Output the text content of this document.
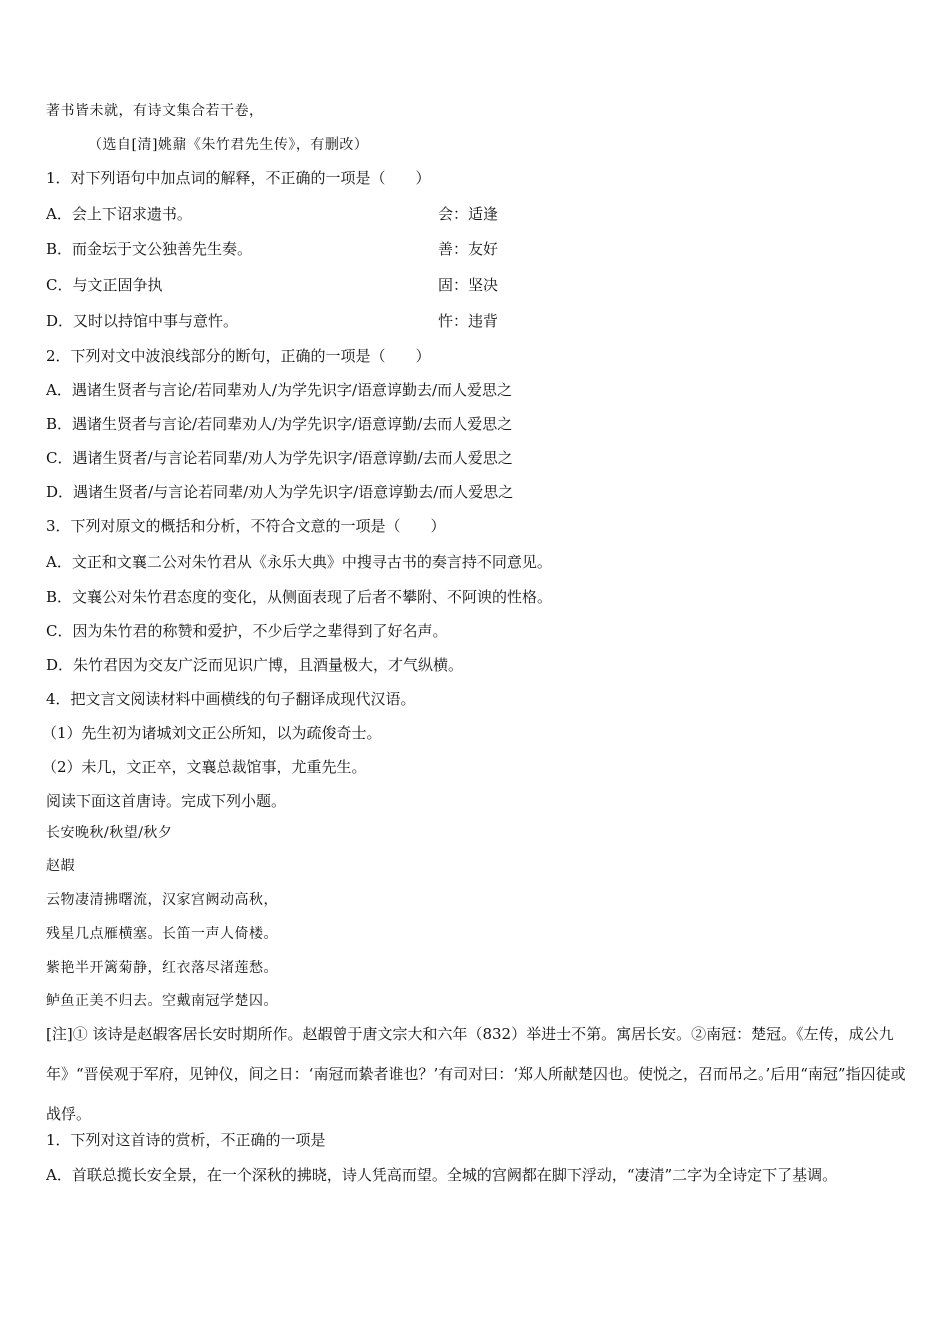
著书皆未就，有诗文集合若干卷，
（选自[清]姚鼐《朱竹君先生传》，有删改）
1．对下列语句中加点词的解释，不正确的一项是（　　）
A．会上下诏求遗书。	会：适逢
B．而金坛于文公独善先生奏。	善：友好
C．与文正固争执	固：坚决
D．又时以持馆中事与意忤。	忤：违背
2．下列对文中波浪线部分的断句，正确的一项是（　　）
A．遇诸生贤者与言论/若同辈劝人/为学先识字/语意谆勤去/而人爱思之
B．遇诸生贤者与言论/若同辈劝人/为学先识字/语意谆勤/去而人爱思之
C．遇诸生贤者/与言论若同辈/劝人为学先识字/语意谆勤/去而人爱思之
D．遇诸生贤者/与言论若同辈/劝人为学先识字/语意谆勤去/而人爱思之
3．下列对原文的概括和分析，不符合文意的一项是（　　）
A．文正和文襄二公对朱竹君从《永乐大典》中搜寻古书的奏言持不同意见。
B．文襄公对朱竹君态度的变化，从侧面表现了后者不攀附、不阿谀的性格。
C．因为朱竹君的称赞和爱护，不少后学之辈得到了好名声。
D．朱竹君因为交友广泛而见识广博，且酒量极大，才气纵横。
4．把文言文阅读材料中画横线的句子翻译成现代汉语。
（1）先生初为诸城刘文正公所知，以为疏俊奇士。
（2）未几，文正卒，文襄总裁馆事，尤重先生。
阅读下面这首唐诗。完成下列小题。
长安晚秋/秋望/秋夕
赵嘏
云物凄清拂曙流，汉家宫阙动高秋，
残星几点雁横塞。长笛一声人倚楼。
紫艳半开篱菊静，红衣落尽渚莲愁。
鲈鱼正美不归去。空戴南冠学楚囚。
[注]① 该诗是赵嘏客居长安时期所作。赵嘏曾于唐文宗大和六年（832）举进士不第。寓居长安。②南冠：楚冠。《左传，成公九年》“晋侯观于军府，见钟仪，间之日：‘南冠而絷者谁也？’有司对曰：‘郑人所献楚囚也。使悦之，召而吊之。’后用“南冠”指囚徒或战俘。
1．下列对这首诗的赏析，不正确的一项是
A．首联总揽长安全景，在一个深秋的拂晓，诗人凭高而望。全城的宫阙都在脚下浮动，“凄清”二字为全诗定下了基调。
